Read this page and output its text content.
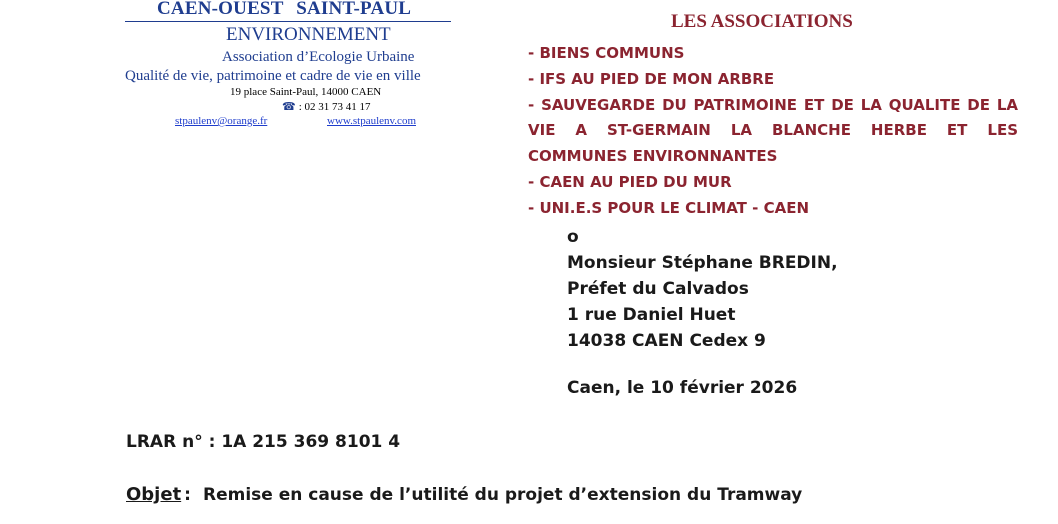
CAEN-OUEST SAINT-PAUL
ENVIRONNEMENT
Association d’Ecologie Urbaine
Qualité de vie, patrimoine et cadre de vie en ville
19 place Saint-Paul, 14000 CAEN
☎ : 02 31 73 41 17
stpaulenv@orange.fr	www.stpaulenv.com
LES ASSOCIATIONS
- BIENS COMMUNS
- IFS AU PIED DE MON ARBRE
- SAUVEGARDE DU PATRIMOINE ET DE LA QUALITE DE LA VIE A ST-GERMAIN LA BLANCHE HERBE ET LES COMMUNES ENVIRONNANTES
- CAEN AU PIED DU MUR
- UNI.E.S POUR LE CLIMAT - CAEN
o
Monsieur Stéphane BREDIN,
Préfet du Calvados
1 rue Daniel Huet
14038 CAEN Cedex 9
Caen, le 10 février 2026
LRAR n° : 1A 215 369 8101 4
Objet : Remise en cause de l’utilité du projet d’extension du Tramway
